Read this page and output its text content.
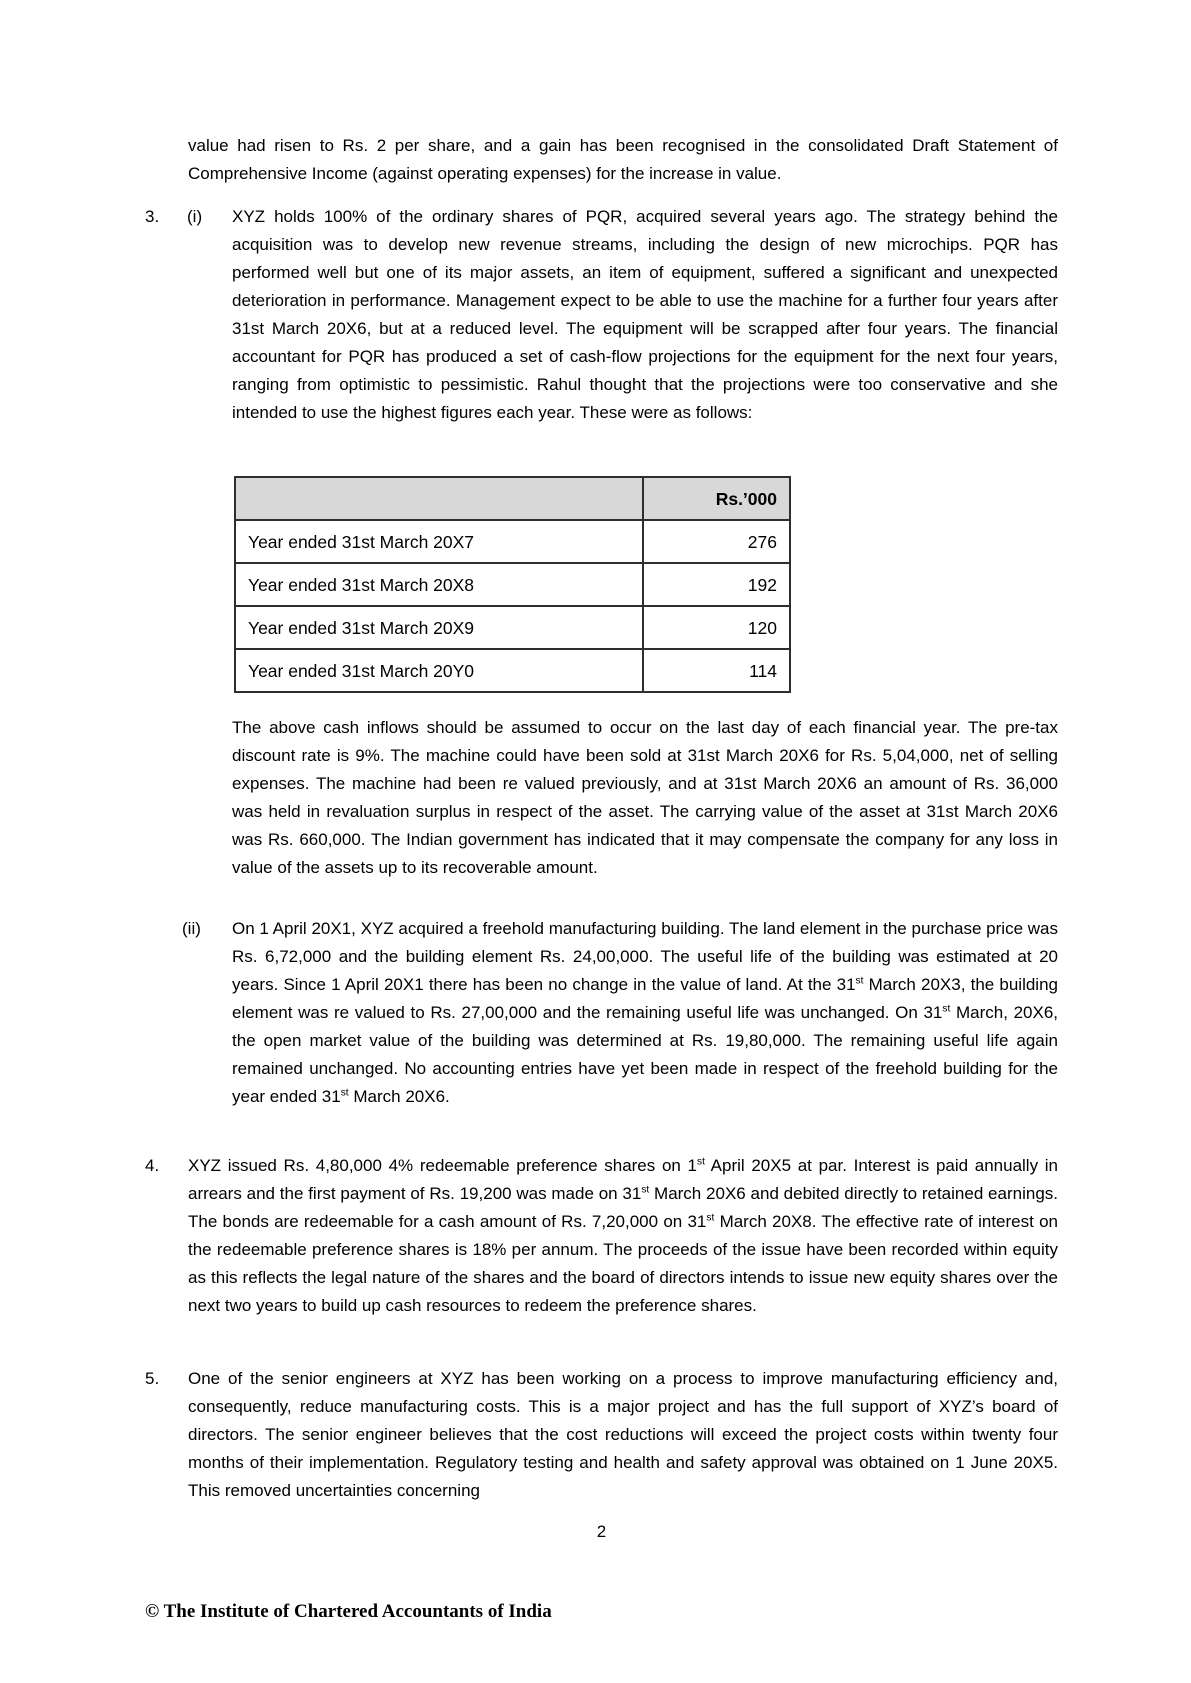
value had risen to Rs. 2 per share, and a gain has been recognised in the consolidated Draft Statement of Comprehensive Income (against operating expenses) for the increase in value.

3.	(i)	XYZ holds 100% of the ordinary shares of PQR, acquired several years ago. The strategy behind the acquisition was to develop new revenue streams, including the design of new microchips. PQR has performed well but one of its major assets, an item of equipment, suffered a significant and unexpected deterioration in performance. Management expect to be able to use the machine for a further four years after 31st March 20X6, but at a reduced level. The equipment will be scrapped after four years. The financial accountant for PQR has produced a set of cash-flow projections for the equipment for the next four years, ranging from optimistic to pessimistic. Rahul thought that the projections were too conservative and she intended to use the highest figures each year. These were as follows:
	Rs.’000
Year ended 31st March 20X7	276
Year ended 31st March 20X8	192
Year ended 31st March 20X9	120
Year ended 31st March 20Y0	114

The above cash inflows should be assumed to occur on the last day of each financial year. The pre-tax discount rate is 9%. The machine could have been sold at 31st March 20X6 for Rs. 5,04,000, net of selling expenses. The machine had been re valued previously, and at 31st March 20X6 an amount of Rs. 36,000 was held in revaluation surplus in respect of the asset. The carrying value of the asset at 31st March 20X6 was Rs. 660,000. The Indian government has indicated that it may compensate the company for any loss in value of the assets up to its recoverable amount.

(ii)	On 1 April 20X1, XYZ acquired a freehold manufacturing building. The land element in the purchase price was Rs. 6,72,000 and the building element Rs. 24,00,000. The useful life of the building was estimated at 20 years. Since 1 April 20X1 there has been no change in the value of land. At the 31st March 20X3, the building element was re valued to Rs. 27,00,000 and the remaining useful life was unchanged. On 31st March, 20X6, the open market value of the building was determined at Rs. 19,80,000. The remaining useful life again remained unchanged. No accounting entries have yet been made in respect of the freehold building for the year ended 31st March 20X6.
4.	XYZ issued Rs. 4,80,000 4% redeemable preference shares on 1st April 20X5 at par. Interest is paid annually in arrears and the first payment of Rs. 19,200 was made on 31st March 20X6 and debited directly to retained earnings. The bonds are redeemable for a cash amount of Rs. 7,20,000 on 31st March 20X8. The effective rate of interest on the redeemable preference shares is 18% per annum. The proceeds of the issue have been recorded within equity as this reflects the legal nature of the shares and the board of directors intends to issue new equity shares over the next two years to build up cash resources to redeem the preference shares.
5.	One of the senior engineers at XYZ has been working on a process to improve manufacturing efficiency and, consequently, reduce manufacturing costs. This is a major project and has the full support of XYZ’s board of directors. The senior engineer believes that the cost reductions will exceed the project costs within twenty four months of their implementation. Regulatory testing and health and safety approval was obtained on 1 June 20X5. This removed uncertainties concerning
2
© The Institute of Chartered Accountants of India
